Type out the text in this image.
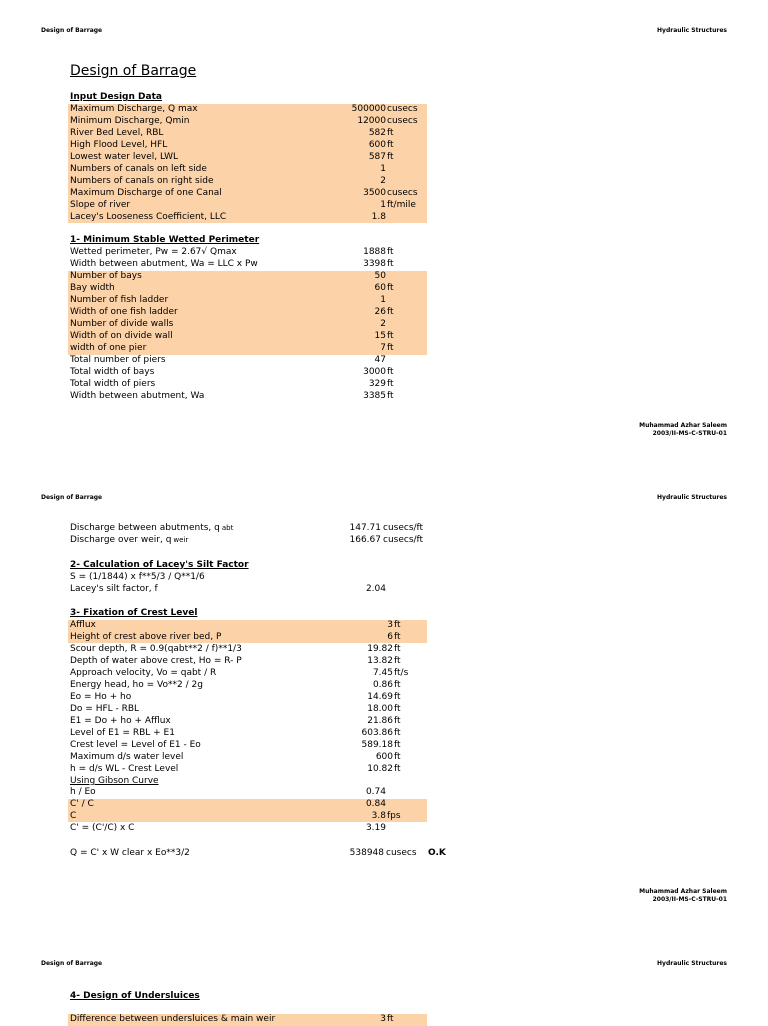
Design of Barrage	Hydraulic Structures
Design of Barrage
Input Design Data
Maximum Discharge, Q max	500000 cusecs
Minimum Discharge, Qmin	12000 cusecs
River Bed Level, RBL	582 ft
High Flood Level, HFL	600 ft
Lowest water level, LWL	587 ft
Numbers of canals on left side	1
Numbers of canals on right side	2
Maximum Discharge of one Canal	3500 cusecs
Slope of river	1 ft/mile
Lacey's Looseness Coefficient, LLC	1.8
1- Minimum Stable Wetted Perimeter
Wetted perimeter, Pw = 2.67√ Qmax	1888 ft
Width between abutment, Wa = LLC x Pw	3398 ft
Number of bays	50
Bay width	60 ft
Number of fish ladder	1
Width of one fish ladder	26 ft
Number of divide walls	2
Width of on divide wall	15 ft
width of one pier	7 ft
Total number of piers	47
Total width of bays	3000 ft
Total width of piers	329 ft
Width between abutment, Wa	3385 ft
Muhammad Azhar Saleem
2003/II-MS-C-STRU-01
Design of Barrage	Hydraulic Structures
Discharge between abutments, q abt	147.71 cusecs/ft
Discharge over weir, q weir	166.67 cusecs/ft
2- Calculation of Lacey's Silt Factor
S = (1/1844) x f**5/3 / Q**1/6
Lacey's silt factor, f	2.04
3- Fixation of Crest Level
Afflux	3 ft
Height of crest above river bed, P	6 ft
Scour depth, R = 0.9(qabt**2 / f)**1/3	19.82 ft
Depth of water above crest, Ho = R- P	13.82 ft
Approach velocity, Vo = qabt / R	7.45 ft/s
Energy head, ho = Vo**2 / 2g	0.86 ft
Eo = Ho + ho	14.69 ft
Do = HFL - RBL	18.00 ft
E1 = Do + ho + Afflux	21.86 ft
Level of E1 = RBL + E1	603.86 ft
Crest level = Level of E1 - Eo	589.18 ft
Maximum d/s water level	600 ft
h = d/s WL - Crest Level	10.82 ft
Using Gibson Curve
h / Eo	0.74
C' / C	0.84
C	3.8 fps
C' = (C'/C) x C	3.19
Q = C' x W clear x Eo**3/2	538948 cusecs O.K
Muhammad Azhar Saleem
2003/II-MS-C-STRU-01
Design of Barrage	Hydraulic Structures
4- Design of Undersluices
Difference between undersluices & main weir	3 ft
